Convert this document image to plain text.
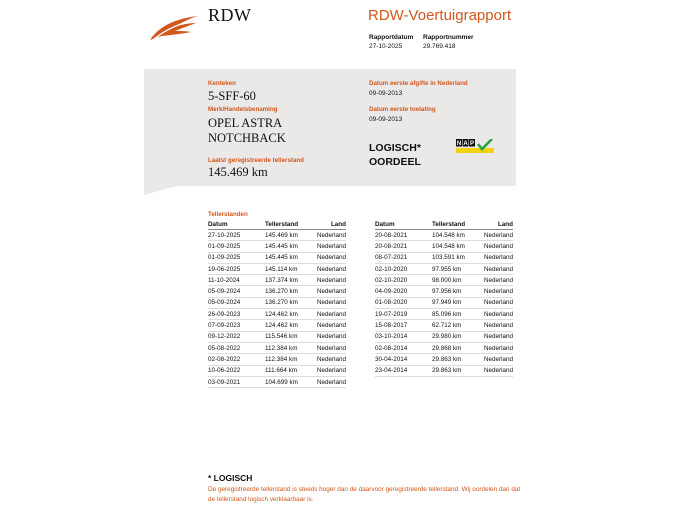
RDW	RDW-Voertuigrapport
Rapportdatum
27-10-2025
Rapportnummer
29.769.418
Kenteken
5-SFF-60
Merk/Handelsbenaming
OPEL ASTRA
NOTCHBACK
Laatst geregistreerde tellerstand
145.469 km
Datum eerste afgifte in Nederland
09-09-2013
Datum eerste toelating
09-09-2013
LOGISCH*
OORDEEL
N A P
Tellerstanden
Datum	Tellerstand	Land
27-10-2025	145.469 km	Nederland
01-09-2025	145.445 km	Nederland
01-09-2025	145.445 km	Nederland
19-06-2025	145.114 km	Nederland
11-10-2024	137.374 km	Nederland
05-09-2024	136.270 km	Nederland
05-09-2024	136.270 km	Nederland
26-09-2023	124.462 km	Nederland
07-09-2023	124.462 km	Nederland
09-12-2022	115.546 km	Nederland
05-08-2022	112.384 km	Nederland
02-08-2022	112.384 km	Nederland
10-06-2022	111.664 km	Nederland
03-09-2021	104.699 km	Nederland
Datum	Tellerstand	Land
20-08-2021	104.548 km	Nederland
20-08-2021	104.548 km	Nederland
08-07-2021	103.591 km	Nederland
02-10-2020	97.955 km	Nederland
02-10-2020	98.000 km	Nederland
04-09-2020	97.956 km	Nederland
01-08-2020	97.949 km	Nederland
19-07-2019	85.096 km	Nederland
15-08-2017	62.712 km	Nederland
03-10-2014	29.980 km	Nederland
02-08-2014	29.868 km	Nederland
30-04-2014	29.863 km	Nederland
23-04-2014	29.863 km	Nederland
* LOGISCH
De geregistreerde tellerstand is steeds hoger dan de daarvoor geregistreerde tellerstand. Wij oordelen dan dat de tellerstand logisch verklaarbaar is.
